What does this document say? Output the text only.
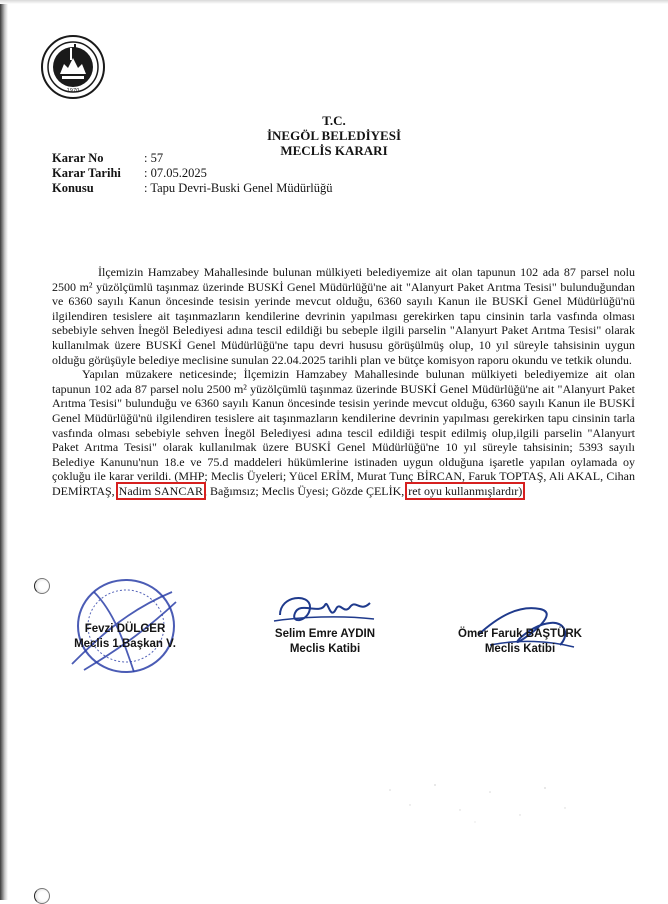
1970
T.C.
İNEGÖL BELEDİYESİ
MECLİS KARARI
Karar No	: 57
Karar Tarihi	: 07.05.2025
Konusu	: Tapu Devri-Buski Genel Müdürlüğü

İlçemizin Hamzabey Mahallesinde bulunan mülkiyeti belediyemize ait olan tapunun 102 ada 87 parsel nolu 2500 m² yüzölçümlü taşınmaz üzerinde BUSKİ Genel Müdürlüğü'ne ait "Alanyurt Paket Arıtma Tesisi" bulunduğundan ve 6360 sayılı Kanun öncesinde tesisin yerinde mevcut olduğu, 6360 sayılı Kanun ile BUSKİ Genel Müdürlüğü'nü ilgilendiren tesislere ait taşınmazların kendilerine devrinin yapılması gerekirken tapu cinsinin tarla vasfında olması sebebiyle sehven İnegöl Belediyesi adına tescil edildiği bu sebeple ilgili parselin "Alanyurt Paket Arıtma Tesisi" olarak kullanılmak üzere BUSKİ Genel Müdürlüğü'ne tapu devri hususu görüşülmüş olup, 10 yıl süreyle tahsisinin uygun olduğu görüşüyle belediye meclisine sunulan 22.04.2025 tarihli plan ve bütçe komisyon raporu okundu ve tetkik olundu.

Yapılan müzakere neticesinde; İlçemizin Hamzabey Mahallesinde bulunan mülkiyeti belediyemize ait olan tapunun 102 ada 87 parsel nolu 2500 m² yüzölçümlü taşınmaz üzerinde BUSKİ Genel Müdürlüğü'ne ait "Alanyurt Paket Arıtma Tesisi" bulunduğu ve 6360 sayılı Kanun öncesinde tesisin yerinde mevcut olduğu, 6360 sayılı Kanun ile BUSKİ Genel Müdürlüğü'nü ilgilendiren tesislere ait taşınmazların kendilerine devrinin yapılması gerekirken tapu cinsinin tarla vasfında olması sebebiyle sehven İnegöl Belediyesi adına tescil edildiği tespit edilmiş olup,ilgili parselin "Alanyurt Paket Arıtma Tesisi" olarak kullanılmak üzere BUSKİ Genel Müdürlüğü'ne 10 yıl süreyle tahsisinin; 5393 sayılı Belediye Kanunu'nun 18.e ve 75.d maddeleri hükümlerine istinaden uygun olduğuna işaretle yapılan oylamada oy çokluğu ile karar verildi. (MHP; Meclis Üyeleri; Yücel ERİM, Murat Tunç BİRCAN, Faruk TOPTAŞ, Ali AKAL, Cihan DEMİRTAŞ, Nadim SANCAR, Bağımsız; Meclis Üyesi; Gözde ÇELİK, ret oyu kullanmışlardır)

Fevzi DÜLGER
Meclis 1.Başkan V.
Selim Emre AYDIN
Meclis Katibi
Ömer Faruk BAŞTÜRK
Meclis Katibi
